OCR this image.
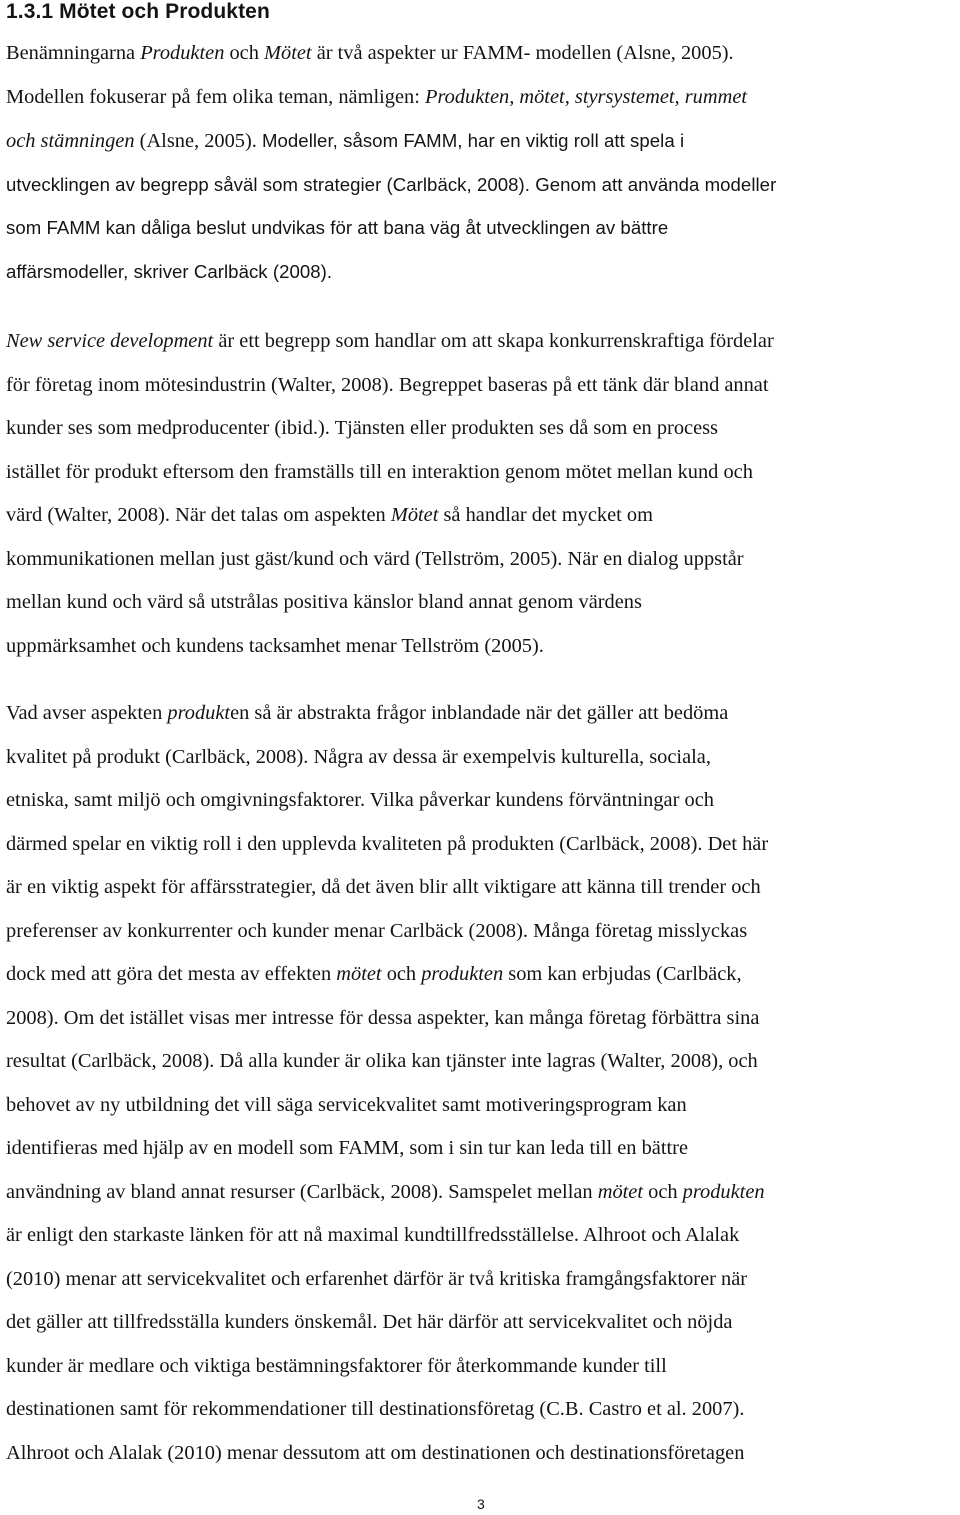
1.3.1 Mötet och Produkten
Benämningarna Produkten och Mötet är två aspekter ur FAMM- modellen (Alsne, 2005).
Modellen fokuserar på fem olika teman, nämligen: Produkten, mötet, styrsystemet, rummet
och stämningen (Alsne, 2005). Modeller, såsom FAMM, har en viktig roll att spela i
utvecklingen av begrepp såväl som strategier (Carlbäck, 2008). Genom att använda modeller
som FAMM kan dåliga beslut undvikas för att bana väg åt utvecklingen av bättre
affärsmodeller, skriver Carlbäck (2008).
New service development är ett begrepp som handlar om att skapa konkurrenskraftiga fördelar
för företag inom mötesindustrin (Walter, 2008). Begreppet baseras på ett tänk där bland annat
kunder ses som medproducenter (ibid.). Tjänsten eller produkten ses då som en process
istället för produkt eftersom den framställs till en interaktion genom mötet mellan kund och
värd (Walter, 2008). När det talas om aspekten Mötet så handlar det mycket om
kommunikationen mellan just gäst/kund och värd (Tellström, 2005). När en dialog uppstår
mellan kund och värd så utstrålas positiva känslor bland annat genom värdens
uppmärksamhet och kundens tacksamhet menar Tellström (2005).
Vad avser aspekten produkten så är abstrakta frågor inblandade när det gäller att bedöma
kvalitet på produkt (Carlbäck, 2008). Några av dessa är exempelvis kulturella, sociala,
etniska, samt miljö och omgivningsfaktorer. Vilka påverkar kundens förväntningar och
därmed spelar en viktig roll i den upplevda kvaliteten på produkten (Carlbäck, 2008). Det här
är en viktig aspekt för affärsstrategier, då det även blir allt viktigare att känna till trender och
preferenser av konkurrenter och kunder menar Carlbäck (2008). Många företag misslyckas
dock med att göra det mesta av effekten mötet och produkten som kan erbjudas (Carlbäck,
2008). Om det istället visas mer intresse för dessa aspekter, kan många företag förbättra sina
resultat (Carlbäck, 2008). Då alla kunder är olika kan tjänster inte lagras (Walter, 2008), och
behovet av ny utbildning det vill säga servicekvalitet samt motiveringsprogram kan
identifieras med hjälp av en modell som FAMM, som i sin tur kan leda till en bättre
användning av bland annat resurser (Carlbäck, 2008). Samspelet mellan mötet och produkten
är enligt den starkaste länken för att nå maximal kundtillfredsställelse. Alhroot och Alalak
(2010) menar att servicekvalitet och erfarenhet därför är två kritiska framgångsfaktorer när
det gäller att tillfredsställa kunders önskemål. Det här därför att servicekvalitet och nöjda
kunder är medlare och viktiga bestämningsfaktorer för återkommande kunder till
destinationen samt för rekommendationer till destinationsföretag (C.B. Castro et al. 2007).
Alhroot och Alalak (2010) menar dessutom att om destinationen och destinationsföretagen
3
